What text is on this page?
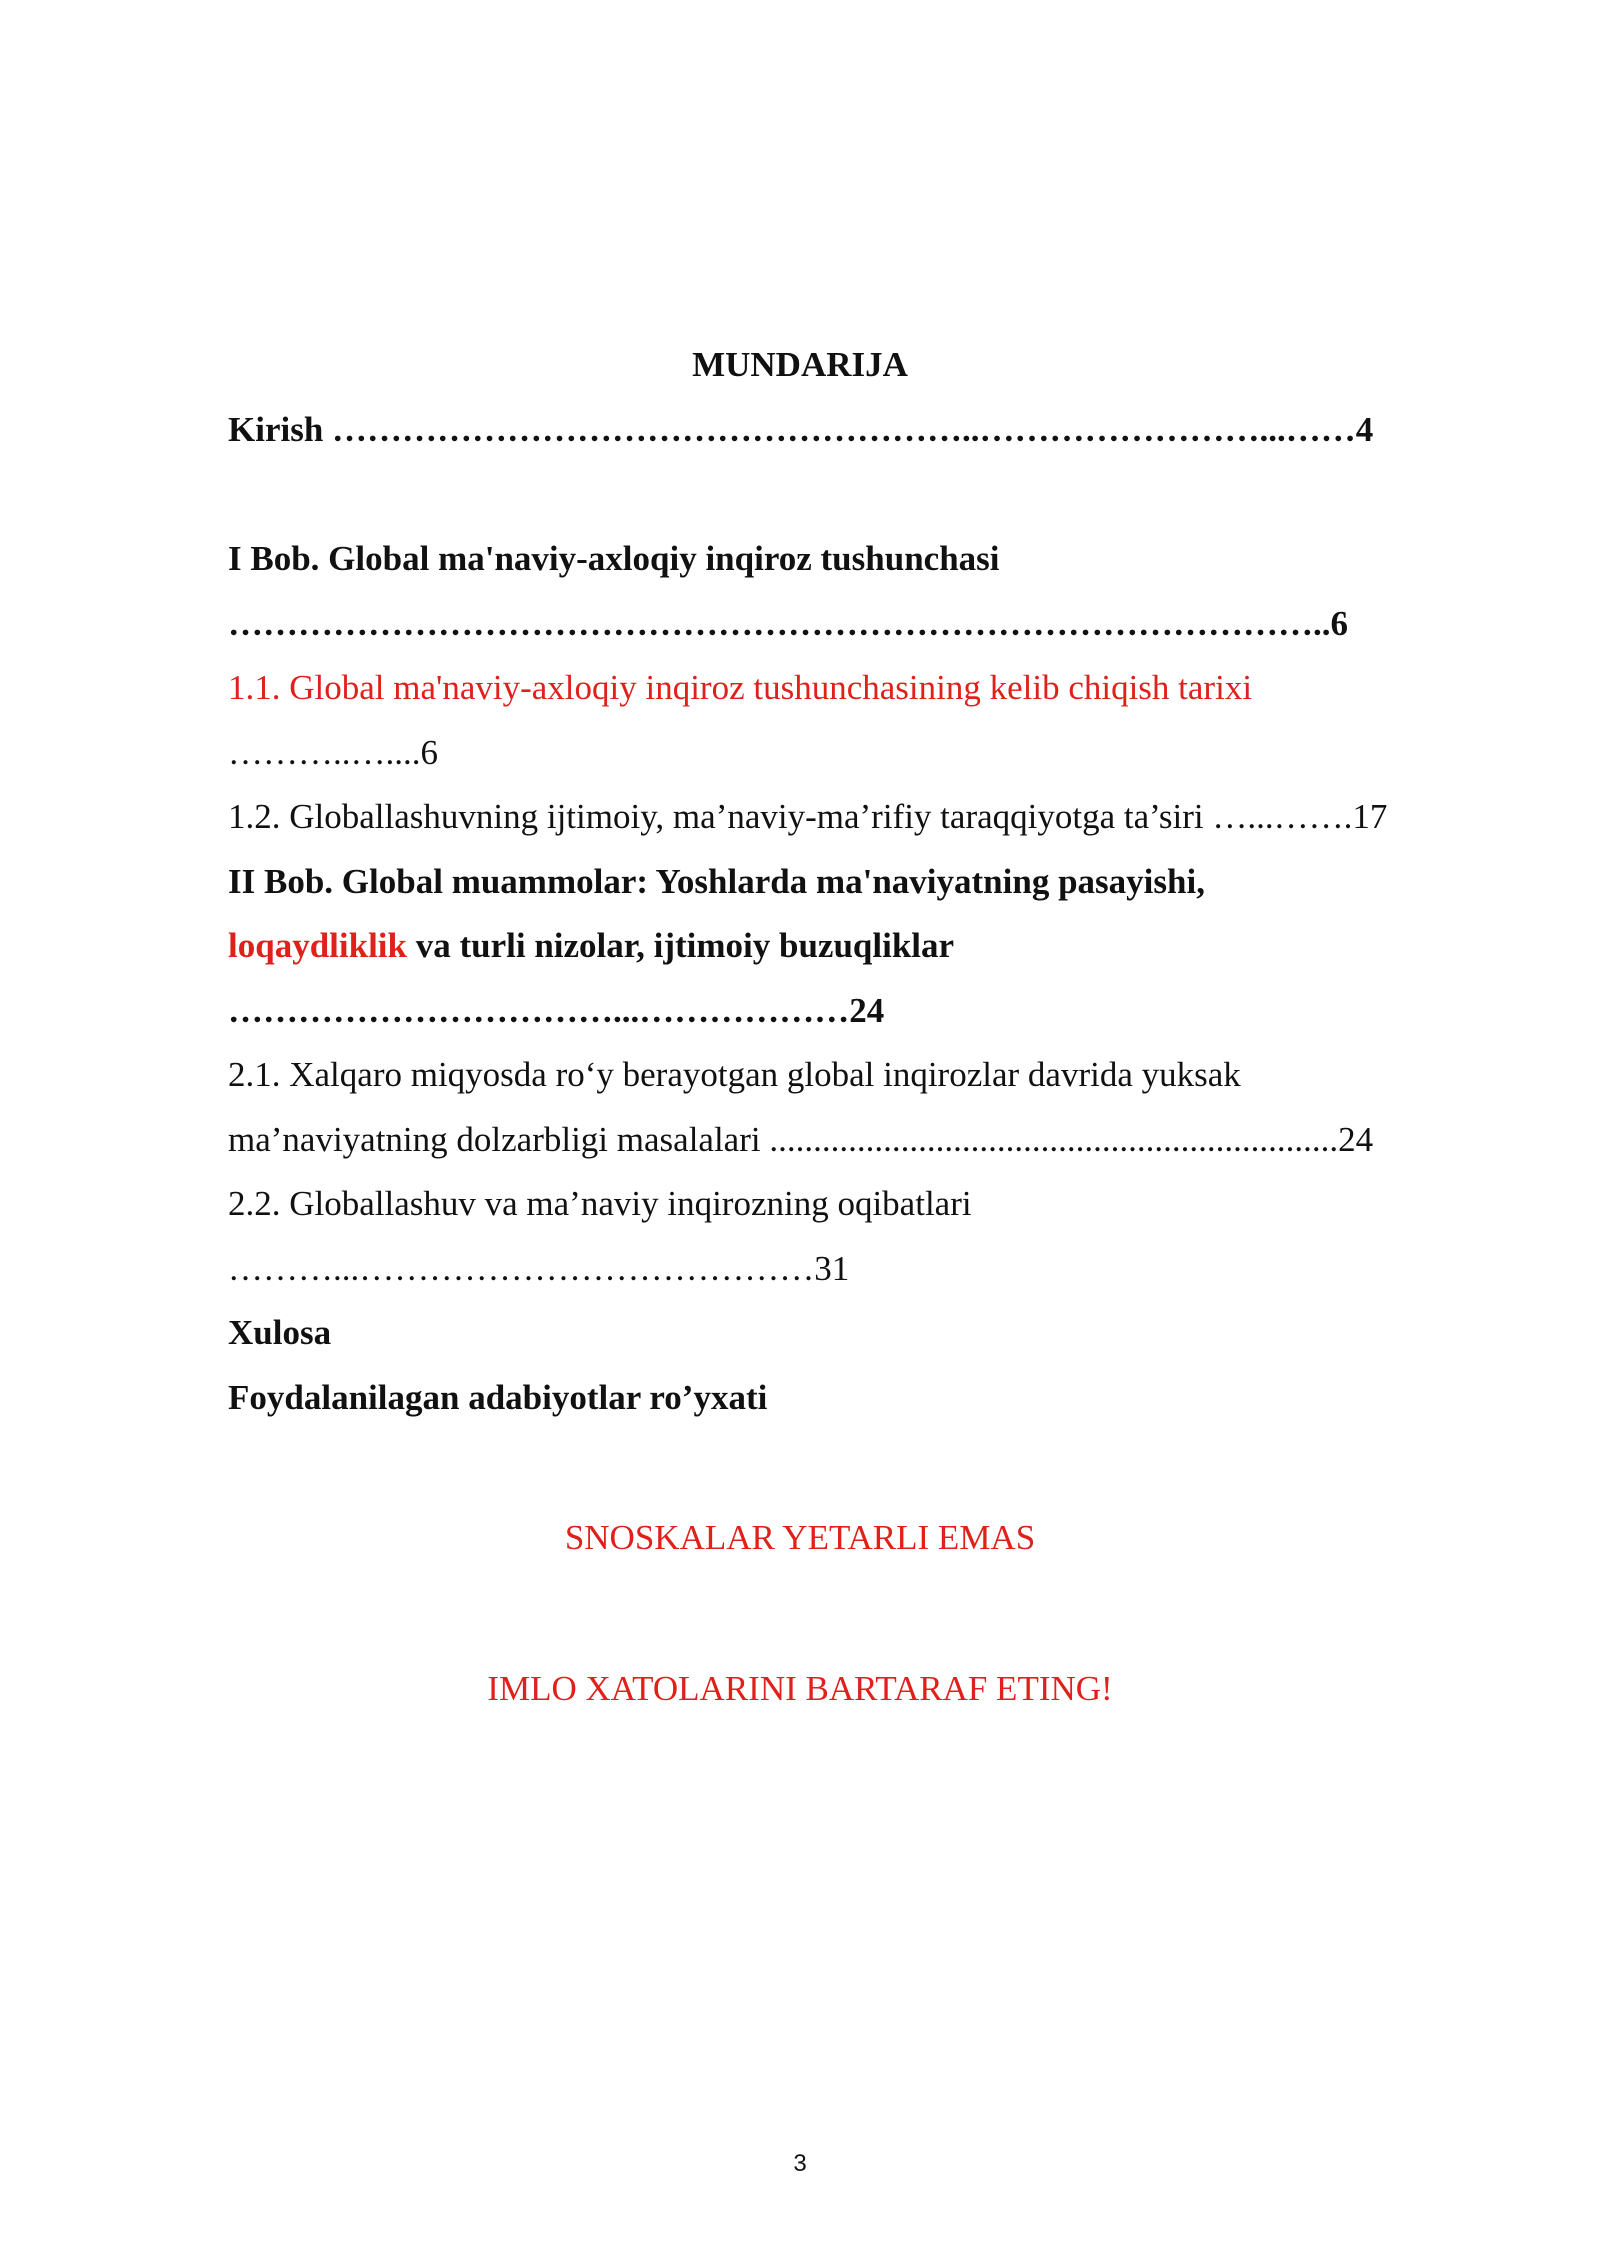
MUNDARIJA
Kirish ………………………………………………..……………………...……4
I Bob. Global ma'naviy-axloqiy inqiroz tushunchasi
…………………………………………………………………………………..6
1.1. Global ma'naviy-axloqiy inqiroz tushunchasining kelib chiqish tarixi
………..…....6
1.2. Globallashuvning ijtimoiy, ma’naviy-ma’rifiy taraqqiyotga ta’siri …...…….17
II Bob. Global muammolar: Yoshlarda ma'naviyatning pasayishi,
loqaydliklik va turli nizolar, ijtimoiy buzuqliklar
……………………………...………………24
2.1. Xalqaro miqyosda ro‘y berayotgan global inqirozlar davrida yuksak
ma’naviyatning dolzarbligi masalalari .................................................................24
2.2. Globallashuv va ma’naviy inqirozning oqibatlari
………...…………………………………31
Xulosa
Foydalanilagan adabiyotlar ro’yxati
SNOSKALAR YETARLI EMAS
IMLO XATOLARINI BARTARAF ETING!
3
